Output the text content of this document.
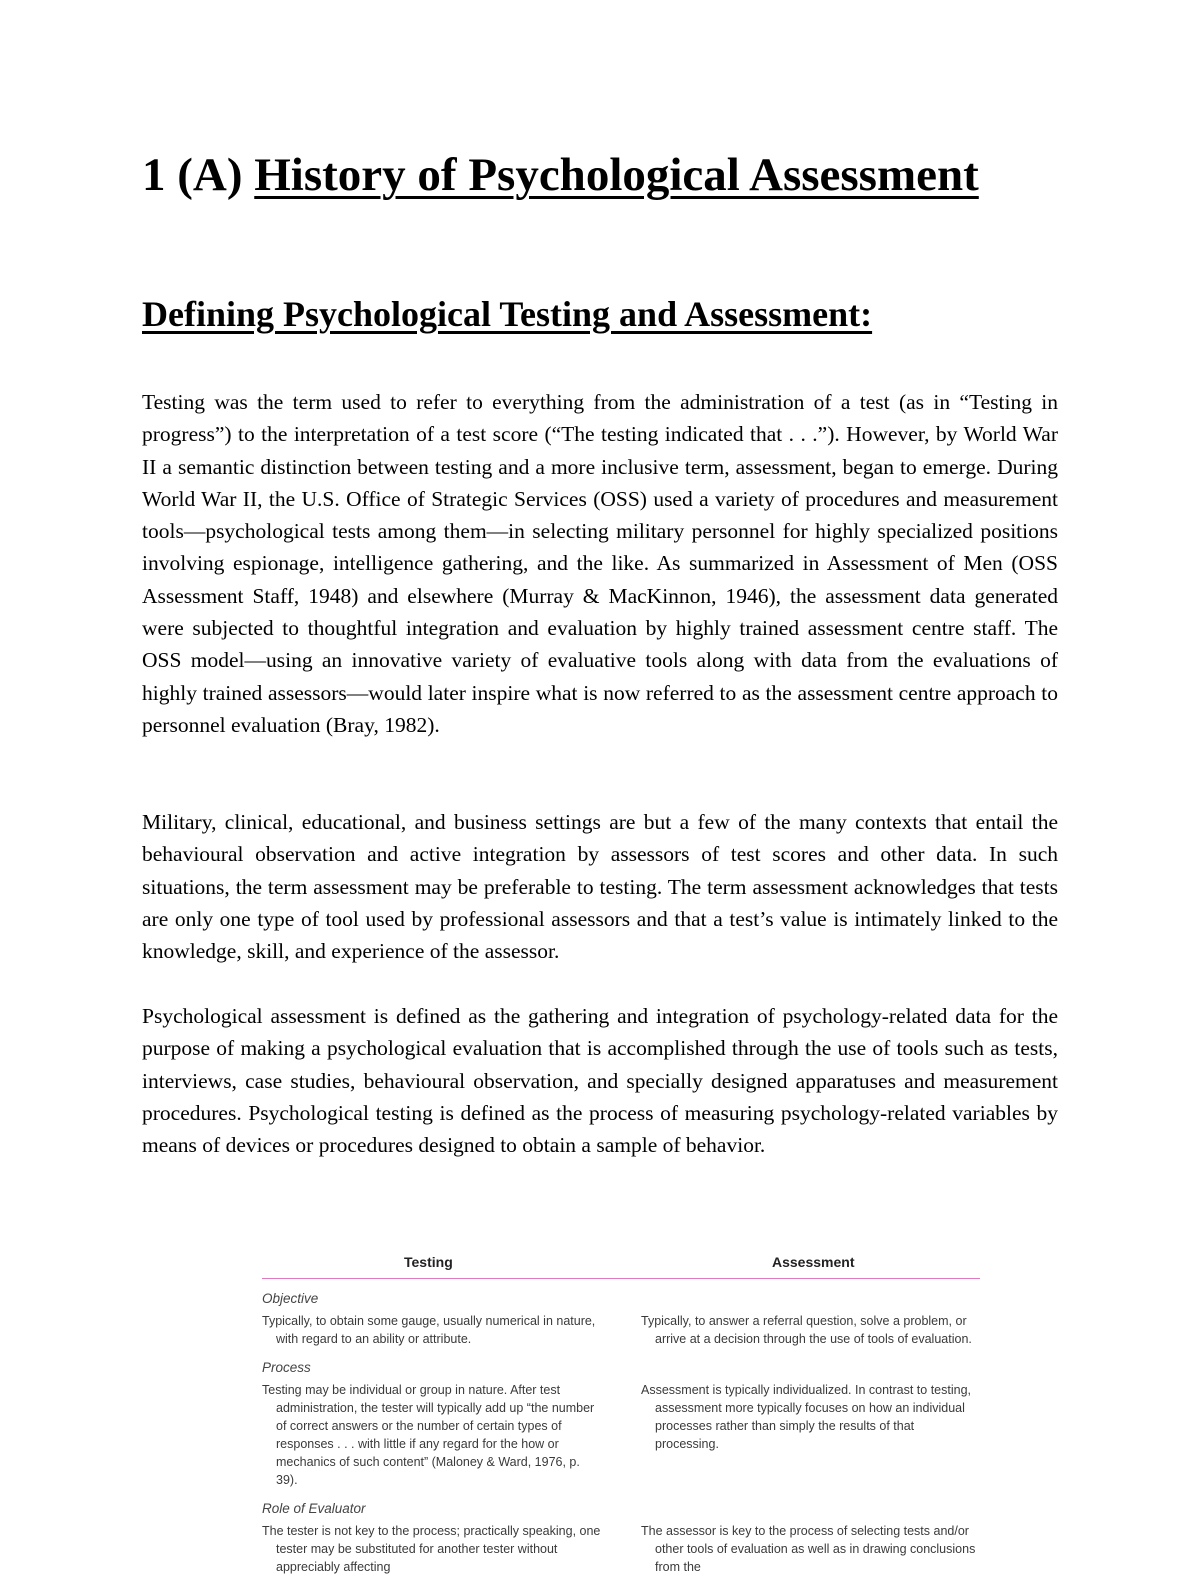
1 (A) History of Psychological Assessment
Defining Psychological Testing and Assessment:

Testing was the term used to refer to everything from the administration of a test (as in “Testing in progress”) to the interpretation of a test score (“The testing indicated that . . .”). However, by World War II a semantic distinction between testing and a more inclusive term, assessment, began to emerge. During World War II, the U.S. Office of Strategic Services (OSS) used a variety of procedures and measurement tools—psychological tests among them—in selecting military personnel for highly specialized positions involving espionage, intelligence gathering, and the like. As summarized in Assessment of Men (OSS Assessment Staff, 1948) and elsewhere (Murray & MacKinnon, 1946), the assessment data generated were subjected to thoughtful integration and evaluation by highly trained assessment centre staff. The OSS model—using an innovative variety of evaluative tools along with data from the evaluations of highly trained assessors—would later inspire what is now referred to as the assessment centre approach to personnel evaluation (Bray, 1982).

Military, clinical, educational, and business settings are but a few of the many contexts that entail the behavioural observation and active integration by assessors of test scores and other data. In such situations, the term assessment may be preferable to testing. The term assessment acknowledges that tests are only one type of tool used by professional assessors and that a test’s value is intimately linked to the knowledge, skill, and experience of the assessor.

Psychological assessment is defined as the gathering and integration of psychology-related data for the purpose of making a psychological evaluation that is accomplished through the use of tools such as tests, interviews, case studies, behavioural observation, and specially designed apparatuses and measurement procedures. Psychological testing is defined as the process of measuring psychology-related variables by means of devices or procedures designed to obtain a sample of behavior.

Testing	Assessment
Objective

Typically, to obtain some gauge, usually numerical in nature, with regard to an ability or attribute.

Typically, to answer a referral question, solve a problem, or arrive at a decision through the use of tools of evaluation.

Process

Testing may be individual or group in nature. After test administration, the tester will typically add up “the number of correct answers or the number of certain types of responses . . . with little if any regard for the how or mechanics of such content” (Maloney & Ward, 1976, p. 39).

Assessment is typically individualized. In contrast to testing, assessment more typically focuses on how an individual processes rather than simply the results of that processing.

Role of Evaluator

The tester is not key to the process; practically speaking, one tester may be substituted for another tester without appreciably affecting

The assessor is key to the process of selecting tests and/or other tools of evaluation as well as in drawing conclusions from the
